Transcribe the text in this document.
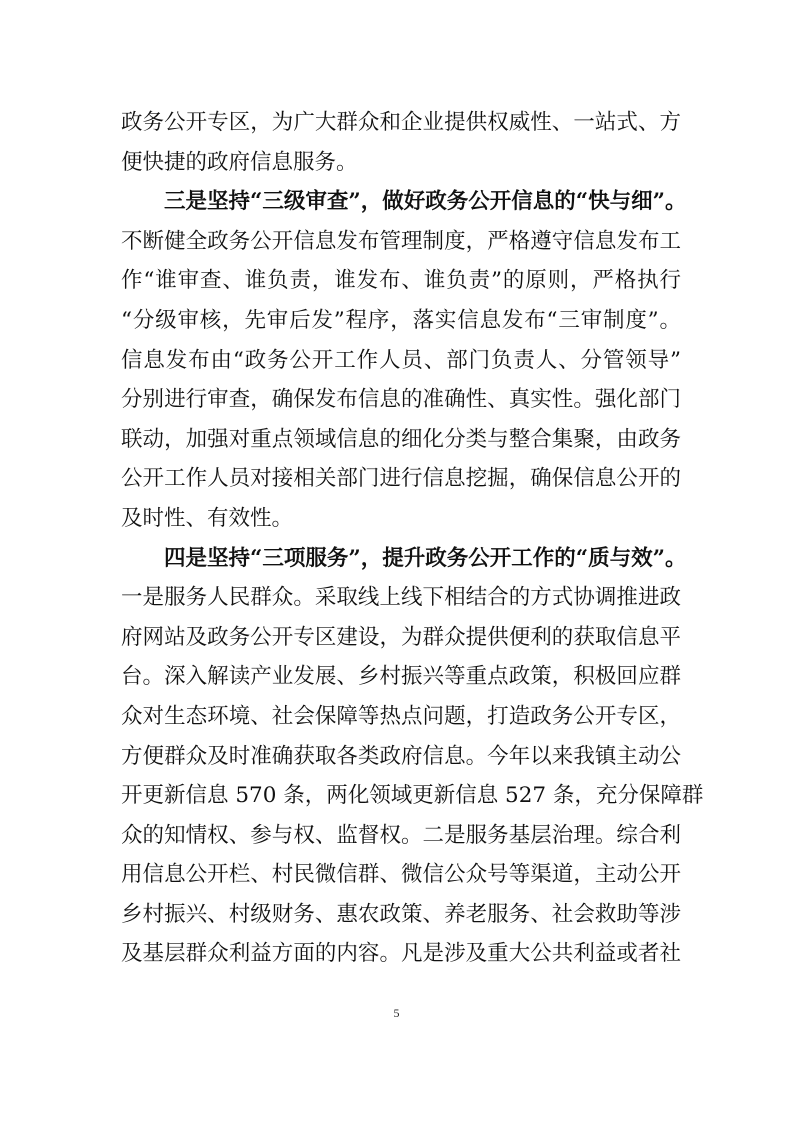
政务公开专区，为广大群众和企业提供权威性、一站式、方
便快捷的政府信息服务。
三是坚持“三级审查”，做好政务公开信息的“快与细”。
不断健全政务公开信息发布管理制度，严格遵守信息发布工
作“谁审查、谁负责，谁发布、谁负责”的原则，严格执行
“分级审核，先审后发”程序，落实信息发布“三审制度”。
信息发布由“政务公开工作人员、部门负责人、分管领导”
分别进行审查，确保发布信息的准确性、真实性。强化部门
联动，加强对重点领域信息的细化分类与整合集聚，由政务
公开工作人员对接相关部门进行信息挖掘，确保信息公开的
及时性、有效性。
四是坚持“三项服务”，提升政务公开工作的“质与效”。
一是服务人民群众。采取线上线下相结合的方式协调推进政
府网站及政务公开专区建设，为群众提供便利的获取信息平
台。深入解读产业发展、乡村振兴等重点政策，积极回应群
众对生态环境、社会保障等热点问题，打造政务公开专区，
方便群众及时准确获取各类政府信息。今年以来我镇主动公
开更新信息 570 条，两化领域更新信息 527 条，充分保障群
众的知情权、参与权、监督权。二是服务基层治理。综合利
用信息公开栏、村民微信群、微信公众号等渠道，主动公开
乡村振兴、村级财务、惠农政策、养老服务、社会救助等涉
及基层群众利益方面的内容。凡是涉及重大公共利益或者社
5
